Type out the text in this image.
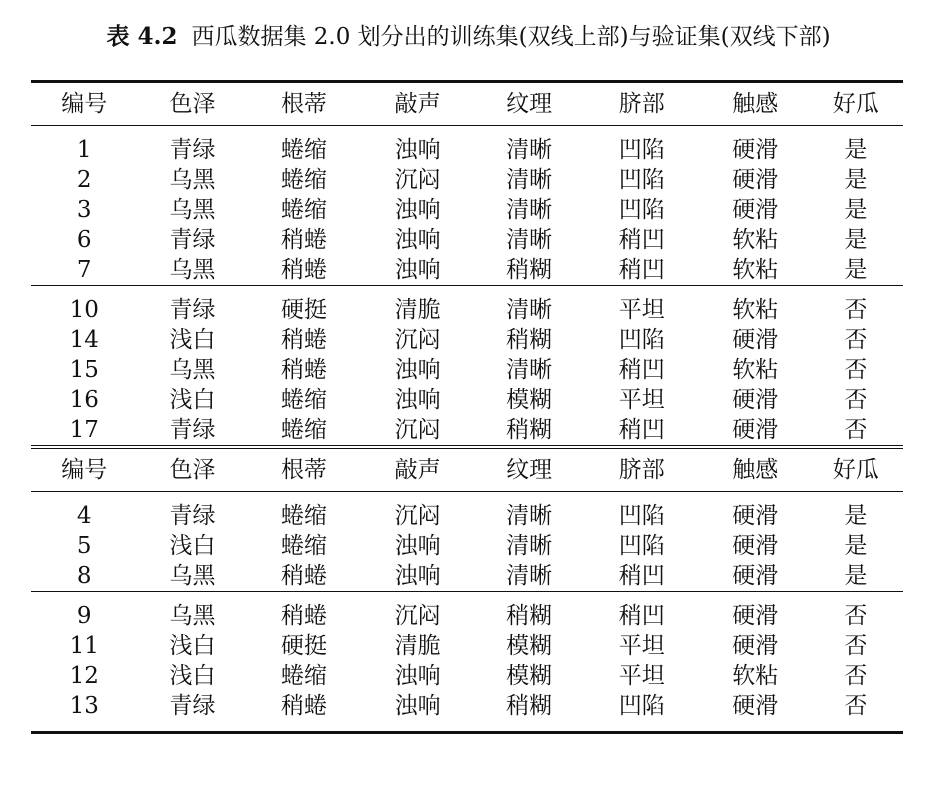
表 4.2 西瓜数据集 2.0 划分出的训练集(双线上部)与验证集(双线下部)
编号	色泽	根蒂	敲声	纹理	脐部	触感	好瓜
1	青绿	蜷缩	浊响	清晰	凹陷	硬滑	是
2	乌黑	蜷缩	沉闷	清晰	凹陷	硬滑	是
3	乌黑	蜷缩	浊响	清晰	凹陷	硬滑	是
6	青绿	稍蜷	浊响	清晰	稍凹	软粘	是
7	乌黑	稍蜷	浊响	稍糊	稍凹	软粘	是
10	青绿	硬挺	清脆	清晰	平坦	软粘	否
14	浅白	稍蜷	沉闷	稍糊	凹陷	硬滑	否
15	乌黑	稍蜷	浊响	清晰	稍凹	软粘	否
16	浅白	蜷缩	浊响	模糊	平坦	硬滑	否
17	青绿	蜷缩	沉闷	稍糊	稍凹	硬滑	否
编号	色泽	根蒂	敲声	纹理	脐部	触感	好瓜
4	青绿	蜷缩	沉闷	清晰	凹陷	硬滑	是
5	浅白	蜷缩	浊响	清晰	凹陷	硬滑	是
8	乌黑	稍蜷	浊响	清晰	稍凹	硬滑	是
9	乌黑	稍蜷	沉闷	稍糊	稍凹	硬滑	否
11	浅白	硬挺	清脆	模糊	平坦	硬滑	否
12	浅白	蜷缩	浊响	模糊	平坦	软粘	否
13	青绿	稍蜷	浊响	稍糊	凹陷	硬滑	否
